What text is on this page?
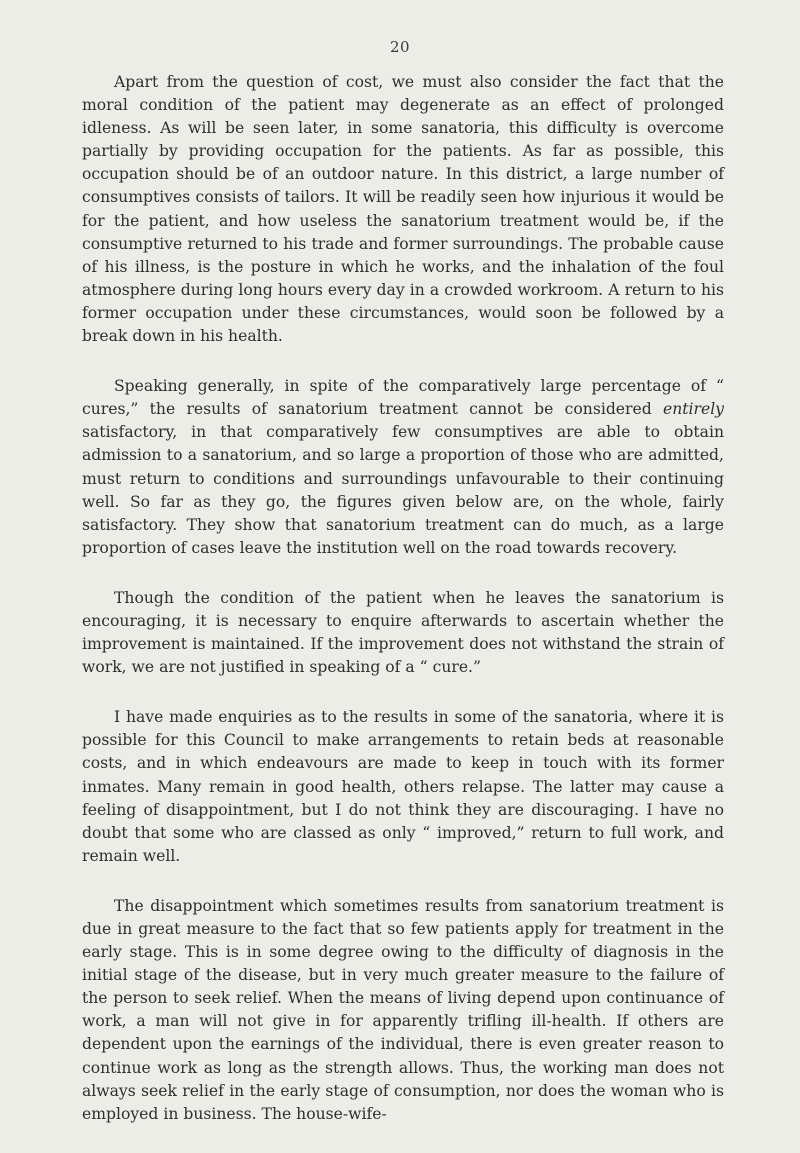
20

Apart from the question of cost, we must also consider the fact that the moral condition of the patient may degenerate as an effect of prolonged idleness. As will be seen later, in some sanatoria, this difficulty is overcome partially by providing occupation for the patients. As far as possible, this occupation should be of an outdoor nature. In this district, a large number of consumptives consists of tailors. It will be readily seen how injurious it would be for the patient, and how useless the sanatorium treatment would be, if the consumptive returned to his trade and former surroundings. The probable cause of his illness, is the posture in which he works, and the inhalation of the foul atmosphere during long hours every day in a crowded workroom. A return to his former occupation under these circumstances, would soon be followed by a break down in his health.

Speaking generally, in spite of the comparatively large percentage of “ cures,” the results of sanatorium treatment cannot be considered entirely satisfactory, in that comparatively few consumptives are able to obtain admission to a sanatorium, and so large a proportion of those who are admitted, must return to conditions and surroundings unfavourable to their continuing well. So far as they go, the figures given below are, on the whole, fairly satisfactory. They show that sanatorium treatment can do much, as a large proportion of cases leave the institution well on the road towards recovery.

Though the condition of the patient when he leaves the sanatorium is encouraging, it is necessary to enquire afterwards to ascertain whether the improvement is maintained. If the improvement does not withstand the strain of work, we are not justified in speaking of a “ cure.”

I have made enquiries as to the results in some of the sanatoria, where it is possible for this Council to make arrangements to retain beds at reasonable costs, and in which endeavours are made to keep in touch with its former inmates. Many remain in good health, others relapse. The latter may cause a feeling of disappointment, but I do not think they are discouraging. I have no doubt that some who are classed as only “ improved,” return to full work, and remain well.

The disappointment which sometimes results from sanatorium treatment is due in great measure to the fact that so few patients apply for treatment in the early stage. This is in some degree owing to the difficulty of diagnosis in the initial stage of the disease, but in very much greater measure to the failure of the person to seek relief. When the means of living depend upon continuance of work, a man will not give in for apparently trifling ill-health. If others are dependent upon the earnings of the individual, there is even greater reason to continue work as long as the strength allows. Thus, the working man does not always seek relief in the early stage of consumption, nor does the woman who is employed in business. The house-wife-
